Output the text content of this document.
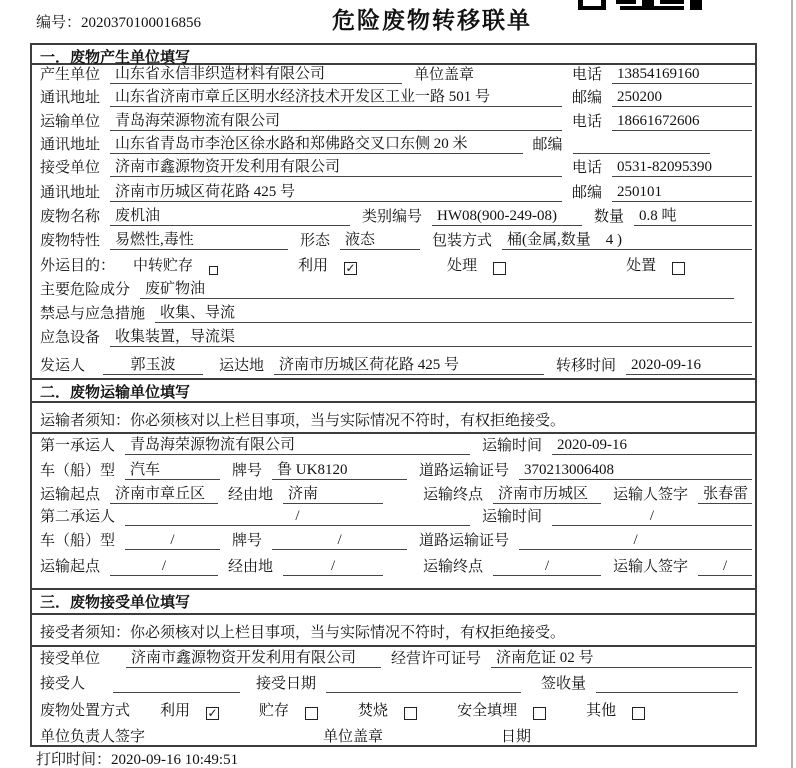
编号：2020370100016856	危险废物转移联单
一．废物产生单位填写
产生单位	山东省永信非织造材料有限公司	单位盖章	电话	13854169160
通讯地址	山东省济南市章丘区明水经济技术开发区工业一路 501 号	邮编	250200
运输单位	青岛海荣源物流有限公司	电话	18661672606
通讯地址	山东省青岛市李沧区徐水路和郑佛路交叉口东侧 20 米	邮编
接受单位	济南市鑫源物资开发利用有限公司	电话	0531-82095390
通讯地址	济南市历城区荷花路 425 号	邮编	250101
废物名称	废机油	类别编号	HW08(900-249-08)	数量	0.8 吨
废物特性	易燃性,毒性	形态	液态	包装方式	桶(金属,数量　4 )
外运目的： 中转贮存	利用 ✓	处理	处置
主要危险成分	废矿物油
禁忌与应急措施	收集、导流
应急设备	收集装置，导流渠
发运人	郭玉波	运达地	济南市历城区荷花路 425 号	转移时间	2020-09-16
二．废物运输单位填写
运输者须知：你必须核对以上栏目事项，当与实际情况不符时，有权拒绝接受。
第一承运人	青岛海荣源物流有限公司	运输时间	2020-09-16
车（船）型	汽车	牌号	鲁 UK8120	道路运输证号	370213006408
运输起点	济南市章丘区	经由地	济南	运输终点	济南市历城区	运输人签字	张春雷
第二承运人	/	运输时间	/
车（船）型	/	牌号	/	道路运输证号	/
运输起点	/	经由地	/	运输终点	/	运输人签字	/
三．废物接受单位填写
接受者须知：你必须核对以上栏目事项，当与实际情况不符时，有权拒绝接受。
接受单位	济南市鑫源物资开发利用有限公司	经营许可证号	济南危证 02 号
接受人	接受日期	签收量
废物处置方式 利用 ✓	贮存	焚烧	安全填埋	其他
单位负责人签字	单位盖章	日期
打印时间：2020-09-16 10:49:51
